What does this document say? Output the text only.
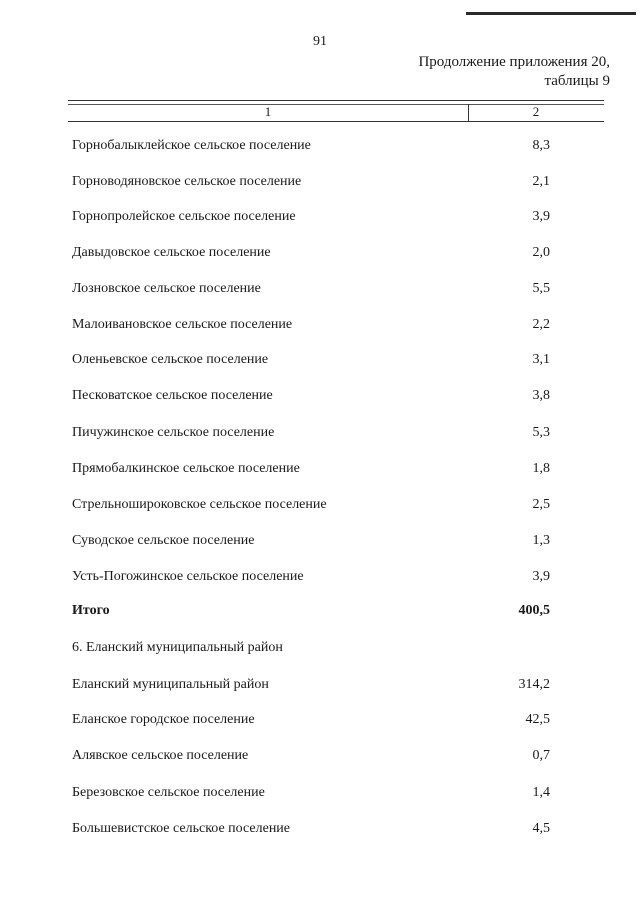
91
Продолжение приложения 20,
таблицы 9
1	2
Горнобалыклейское сельское поселение	8,3
Горноводяновское сельское поселение	2,1
Горнопролейское сельское поселение	3,9
Давыдовское сельское поселение	2,0
Лозновское сельское поселение	5,5
Малоивановское сельское поселение	2,2
Оленьевское сельское поселение	3,1
Песковатское сельское поселение	3,8
Пичужинское сельское поселение	5,3
Прямобалкинское сельское поселение	1,8
Стрельноширoковское сельское поселение	2,5
Суводское сельское поселение	1,3
Усть-Погожинское сельское поселение	3,9
Итого	400,5
6. Еланский муниципальный район
Еланский муниципальный район	314,2
Еланское городское поселение	42,5
Алявское сельское поселение	0,7
Березовское сельское поселение	1,4
Большевистское сельское поселение	4,5
